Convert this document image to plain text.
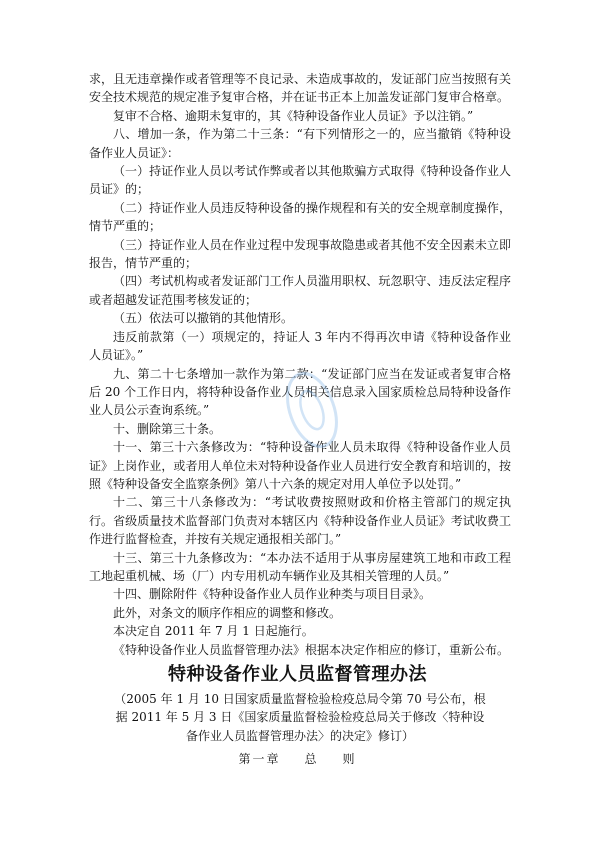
求，且无违章操作或者管理等不良记录、未造成事故的，发证部门应当按照有关安全技术规范的规定准予复审合格，并在证书正本上加盖发证部门复审合格章。

复审不合格、逾期未复审的，其《特种设备作业人员证》予以注销。”

八、增加一条，作为第二十三条：“有下列情形之一的，应当撤销《特种设备作业人员证》：

（一）持证作业人员以考试作弊或者以其他欺骗方式取得《特种设备作业人员证》的；

（二）持证作业人员违反特种设备的操作规程和有关的安全规章制度操作，情节严重的；

（三）持证作业人员在作业过程中发现事故隐患或者其他不安全因素未立即报告，情节严重的；

（四）考试机构或者发证部门工作人员滥用职权、玩忽职守、违反法定程序或者超越发证范围考核发证的；

（五）依法可以撤销的其他情形。

违反前款第（一）项规定的，持证人 3 年内不得再次申请《特种设备作业人员证》。”

九、第二十七条增加一款作为第二款：“发证部门应当在发证或者复审合格后 20 个工作日内，将特种设备作业人员相关信息录入国家质检总局特种设备作业人员公示查询系统。”

十、删除第三十条。

十一、第三十六条修改为：“特种设备作业人员未取得《特种设备作业人员证》上岗作业，或者用人单位未对特种设备作业人员进行安全教育和培训的，按照《特种设备安全监察条例》第八十六条的规定对用人单位予以处罚。”

十二、第三十八条修改为：“考试收费按照财政和价格主管部门的规定执行。省级质量技术监督部门负责对本辖区内《特种设备作业人员证》考试收费工作进行监督检查，并按有关规定通报相关部门。”

十三、第三十九条修改为：“本办法不适用于从事房屋建筑工地和市政工程工地起重机械、场（厂）内专用机动车辆作业及其相关管理的人员。”

十四、删除附件《特种设备作业人员作业种类与项目目录》。

此外，对条文的顺序作相应的调整和修改。

本决定自 2011 年 7 月 1 日起施行。

《特种设备作业人员监督管理办法》根据本决定作相应的修订，重新公布。

特种设备作业人员监督管理办法

（2005 年 1 月 10 日国家质量监督检验检疫总局令第 70 号公布，根据 2011 年 5 月 3 日《国家质量监督检验检疫总局关于修改〈特种设备作业人员监督管理办法〉的决定》修订）

第一章 总 则
